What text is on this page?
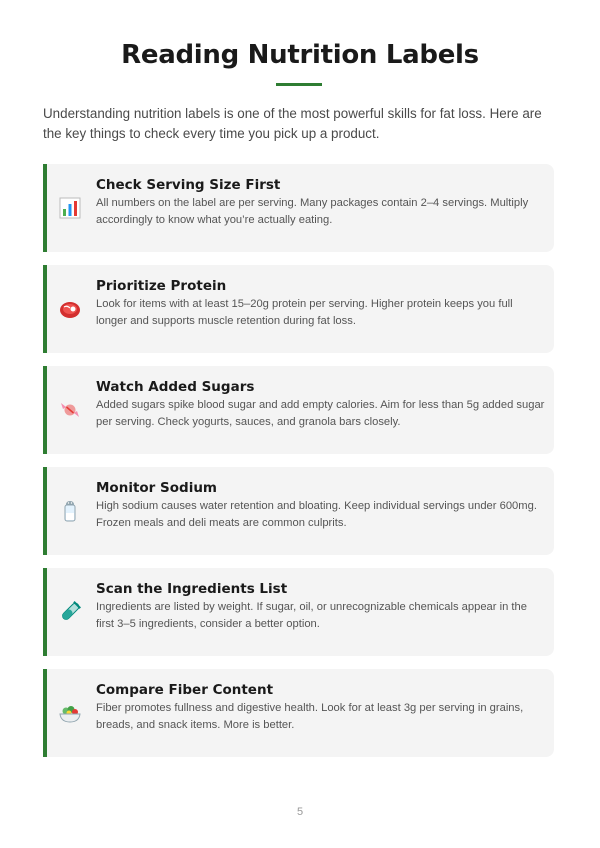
Reading Nutrition Labels

Understanding nutrition labels is one of the most powerful skills for fat loss. Here are the key things to check every time you pick up a product.

Check Serving Size First
All numbers on the label are per serving. Many packages contain 2–4 servings. Multiply accordingly to know what you’re actually eating.
Prioritize Protein
Look for items with at least 15–20g protein per serving. Higher protein keeps you full longer and supports muscle retention during fat loss.
Watch Added Sugars
Added sugars spike blood sugar and add empty calories. Aim for less than 5g added sugar per serving. Check yogurts, sauces, and granola bars closely.
Monitor Sodium
High sodium causes water retention and bloating. Keep individual servings under 600mg. Frozen meals and deli meats are common culprits.
Scan the Ingredients List
Ingredients are listed by weight. If sugar, oil, or unrecognizable chemicals appear in the first 3–5 ingredients, consider a better option.
Compare Fiber Content
Fiber promotes fullness and digestive health. Look for at least 3g per serving in grains, breads, and snack items. More is better.
5
